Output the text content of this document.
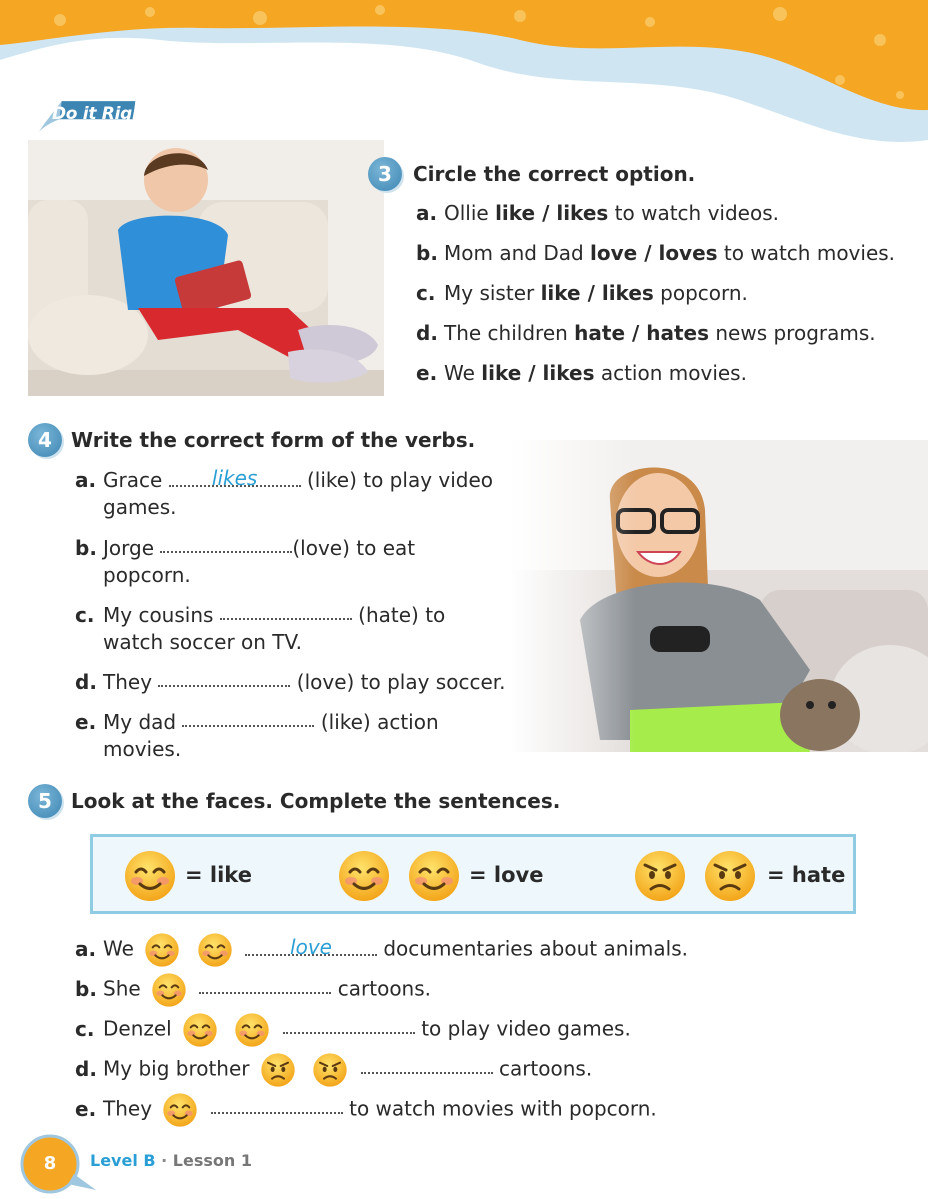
Do it Right!
3	Circle the correct option.
a. Ollie like / likes to watch videos.
b. Mom and Dad love / loves to watch movies.
c. My sister like / likes popcorn.
d. The children hate / hates news programs.
e. We like / likes action movies.
4 Write the correct form of the verbs.
a. Grace likes (like) to play video
games.
b. Jorge	(love) to eat
popcorn.
c. My cousins	(hate) to
watch soccer on TV.
d. They	(love) to play soccer.
e. My dad	(like) action
movies.
5 Look at the faces. Complete the sentences.
= like	= love	= hate
a. We	love	documentaries about animals.
b. She	cartoons.
c. Denzel	to play video games.
d. My big brother	cartoons.
e. They	to watch movies with popcorn.
8	Level B · Lesson 1
